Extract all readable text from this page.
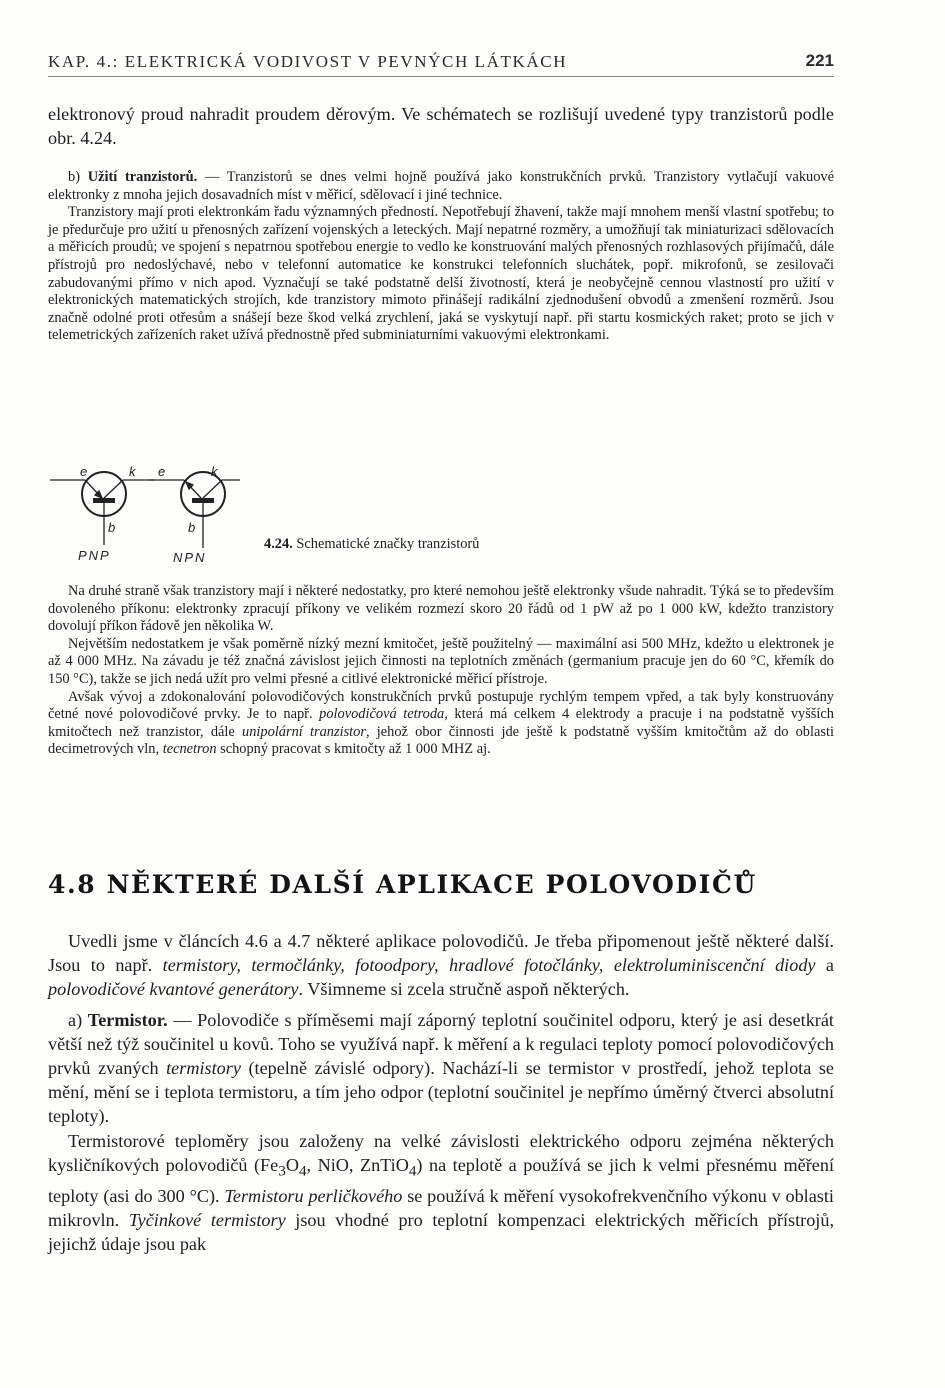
KAP. 4.: ELEKTRICKÁ VODIVOST V PEVNÝCH LÁTKÁCH	221

elektronový proud nahradit proudem děrovým. Ve schématech se rozlišují uvedené typy tranzistorů podle obr. 4.24.

b) Užití tranzistorů. — Tranzistorů se dnes velmi hojně používá jako konstrukčních prvků. Tranzistory vytlačují vakuové elektronky z mnoha jejich dosavadních míst v měřicí, sdělovací i jiné technice.

Tranzistory mají proti elektronkám řadu významných předností. Nepotřebují žhavení, takže mají mnohem menší vlastní spotřebu; to je předurčuje pro užití u přenosných zařízení vojenských a leteckých. Mají nepatrné rozměry, a umožňují tak miniaturizaci sdělovacích a měřicích proudů; ve spojení s nepatrnou spotřebou energie to vedlo ke konstruování malých přenosných rozhlasových přijímačů, dále přístrojů pro nedoslýchavé, nebo v telefonní automatice ke konstrukci telefonních sluchátek, popř. mikrofonů, se zesilovači zabudovanými přímo v nich apod. Vyznačují se také podstatně delší životností, která je neobyčejně cennou vlastností pro užití v elektronických matematických strojích, kde tranzistory mimoto přinášejí radikální zjednodušení obvodů a zmenšení rozměrů. Jsou značně odolné proti otřesům a snášejí beze škod velká zrychlení, jaká se vyskytují např. při startu kosmických raket; proto se jich v telemetrických zařízeních raket užívá přednostně před subminiaturními vakuovými elektronkami.

e	k
b
PNP
e	k
b
NPN
4.24. Schematické značky tranzistorů

Na druhé straně však tranzistory mají i některé nedostatky, pro které nemohou ještě elektronky všude nahradit. Týká se to především dovoleného příkonu: elektronky zpracují příkony ve velikém rozmezí skoro 20 řádů od 1 pW až po 1 000 kW, kdežto tranzistory dovolují příkon řádově jen několika W.

Největším nedostatkem je však poměrně nízký mezní kmitočet, ještě použitelný — maximální asi 500 MHz, kdežto u elektronek je až 4 000 MHz. Na závadu je též značná závislost jejich činnosti na teplotních změnách (germanium pracuje jen do 60 °C, křemík do 150 °C), takže se jich nedá užít pro velmi přesné a citlivé elektronické měřicí přístroje.

Avšak vývoj a zdokonalování polovodičových konstrukčních prvků postupuje rychlým tempem vpřed, a tak byly konstruovány četné nové polovodičové prvky. Je to např. polovodičová tetroda, která má celkem 4 elektrody a pracuje i na podstatně vyšších kmitočtech než tranzistor, dále unipolární tranzistor, jehož obor činnosti jde ještě k podstatně vyšším kmitočtům až do oblasti decimetrových vln, tecnetron schopný pracovat s kmitočty až 1 000 MHZ aj.

4.8 NĚKTERÉ DALŠÍ APLIKACE POLOVODIČŮ

Uvedli jsme v článcích 4.6 a 4.7 některé aplikace polovodičů. Je třeba připomenout ještě některé další. Jsou to např. termistory, termočlánky, fotoodpory, hradlové fotočlánky, elektroluminiscenční diody a polovodičové kvantové generátory. Všimneme si zcela stručně aspoň některých.

a) Termistor. — Polovodiče s příměsemi mají záporný teplotní součinitel odporu, který je asi desetkrát větší než týž součinitel u kovů. Toho se využívá např. k měření a k regulaci teploty pomocí polovodičových prvků zvaných termistory (tepelně závislé odpory). Nachází-li se termistor v prostředí, jehož teplota se mění, mění se i teplota termistoru, a tím jeho odpor (teplotní součinitel je nepřímo úměrný čtverci absolutní teploty).

Termistorové teploměry jsou založeny na velké závislosti elektrického odporu zejména některých kysličníkových polovodičů ($Fe_3O_4$, NiO, ZnTiO$_4$) na teplotě a používá se jich k velmi přesnému měření teploty (asi do 300 °C). Termistoru perličkového se používá k měření vysokofrekvenčního výkonu v oblasti mikrovln. Tyčinkové termistory jsou vhodné pro teplotní kompenzaci elektrických měřicích přístrojů, jejichž údaje jsou pak
